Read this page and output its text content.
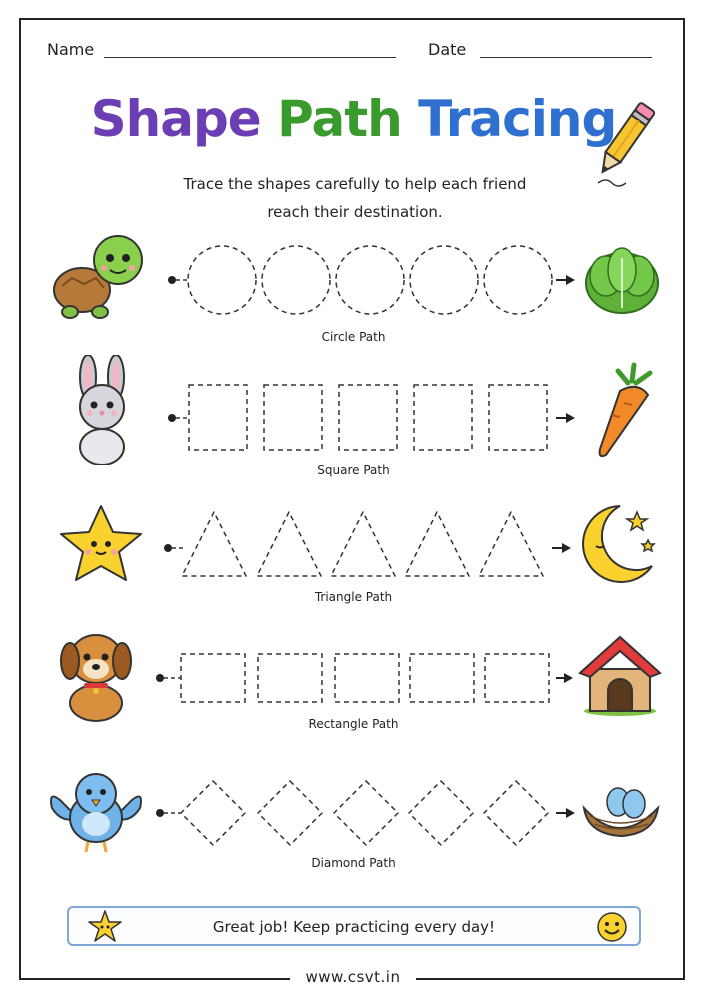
Name	Date
Shape Path Tracing
Trace the shapes carefully to help each friend
reach their destination.
Circle Path
Square Path
Triangle Path
Rectangle Path
Diamond Path
Great job! Keep practicing every day!
www.csvt.in
